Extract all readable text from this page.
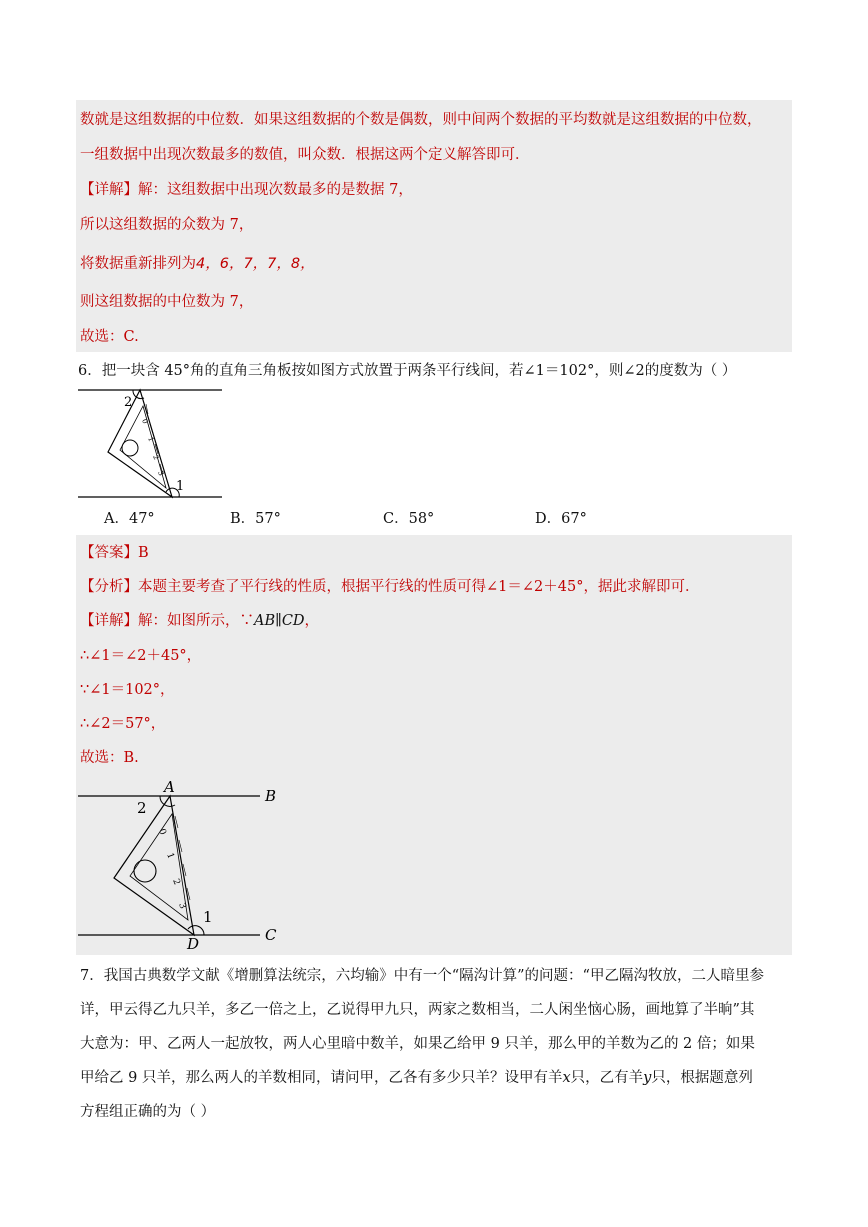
数就是这组数据的中位数．如果这组数据的个数是偶数，则中间两个数据的平均数就是这组数据的中位数，
一组数据中出现次数最多的数值，叫众数．根据这两个定义解答即可．
【详解】解：这组数据中出现次数最多的是数据 7，
所以这组数据的众数为 7，
将数据重新排列为4，6，7，7，8，
则这组数据的中位数为 7，
故选：C.
6．把一块含 45°角的直角三角板按如图方式放置于两条平行线间，若∠1＝102°，则∠2的度数为（ ）
0
1
2
3
2
1
A．47°	B．57°	C．58°	D．67°
【答案】B
【分析】本题主要考查了平行线的性质，根据平行线的性质可得∠1＝∠2＋45°，据此求解即可．
【详解】解：如图所示，∵AB∥CD，
∴∠1＝∠2＋45°，
∵∠1＝102°，
∴∠2＝57°，
故选：B.
0
1
2
3
A	B
C
D
2
1
7．我国古典数学文献《增删算法统宗，六均输》中有一个“隔沟计算”的问题：“甲乙隔沟牧放，二人暗里参
详，甲云得乙九只羊，多乙一倍之上，乙说得甲九只，两家之数相当，二人闲坐恼心肠，画地算了半晌”其
大意为：甲、乙两人一起放牧，两人心里暗中数羊，如果乙给甲 9 只羊，那么甲的羊数为乙的 2 倍；如果
甲给乙 9 只羊，那么两人的羊数相同，请问甲，乙各有多少只羊？设甲有羊x只，乙有羊y只，根据题意列
方程组正确的为（ ）
